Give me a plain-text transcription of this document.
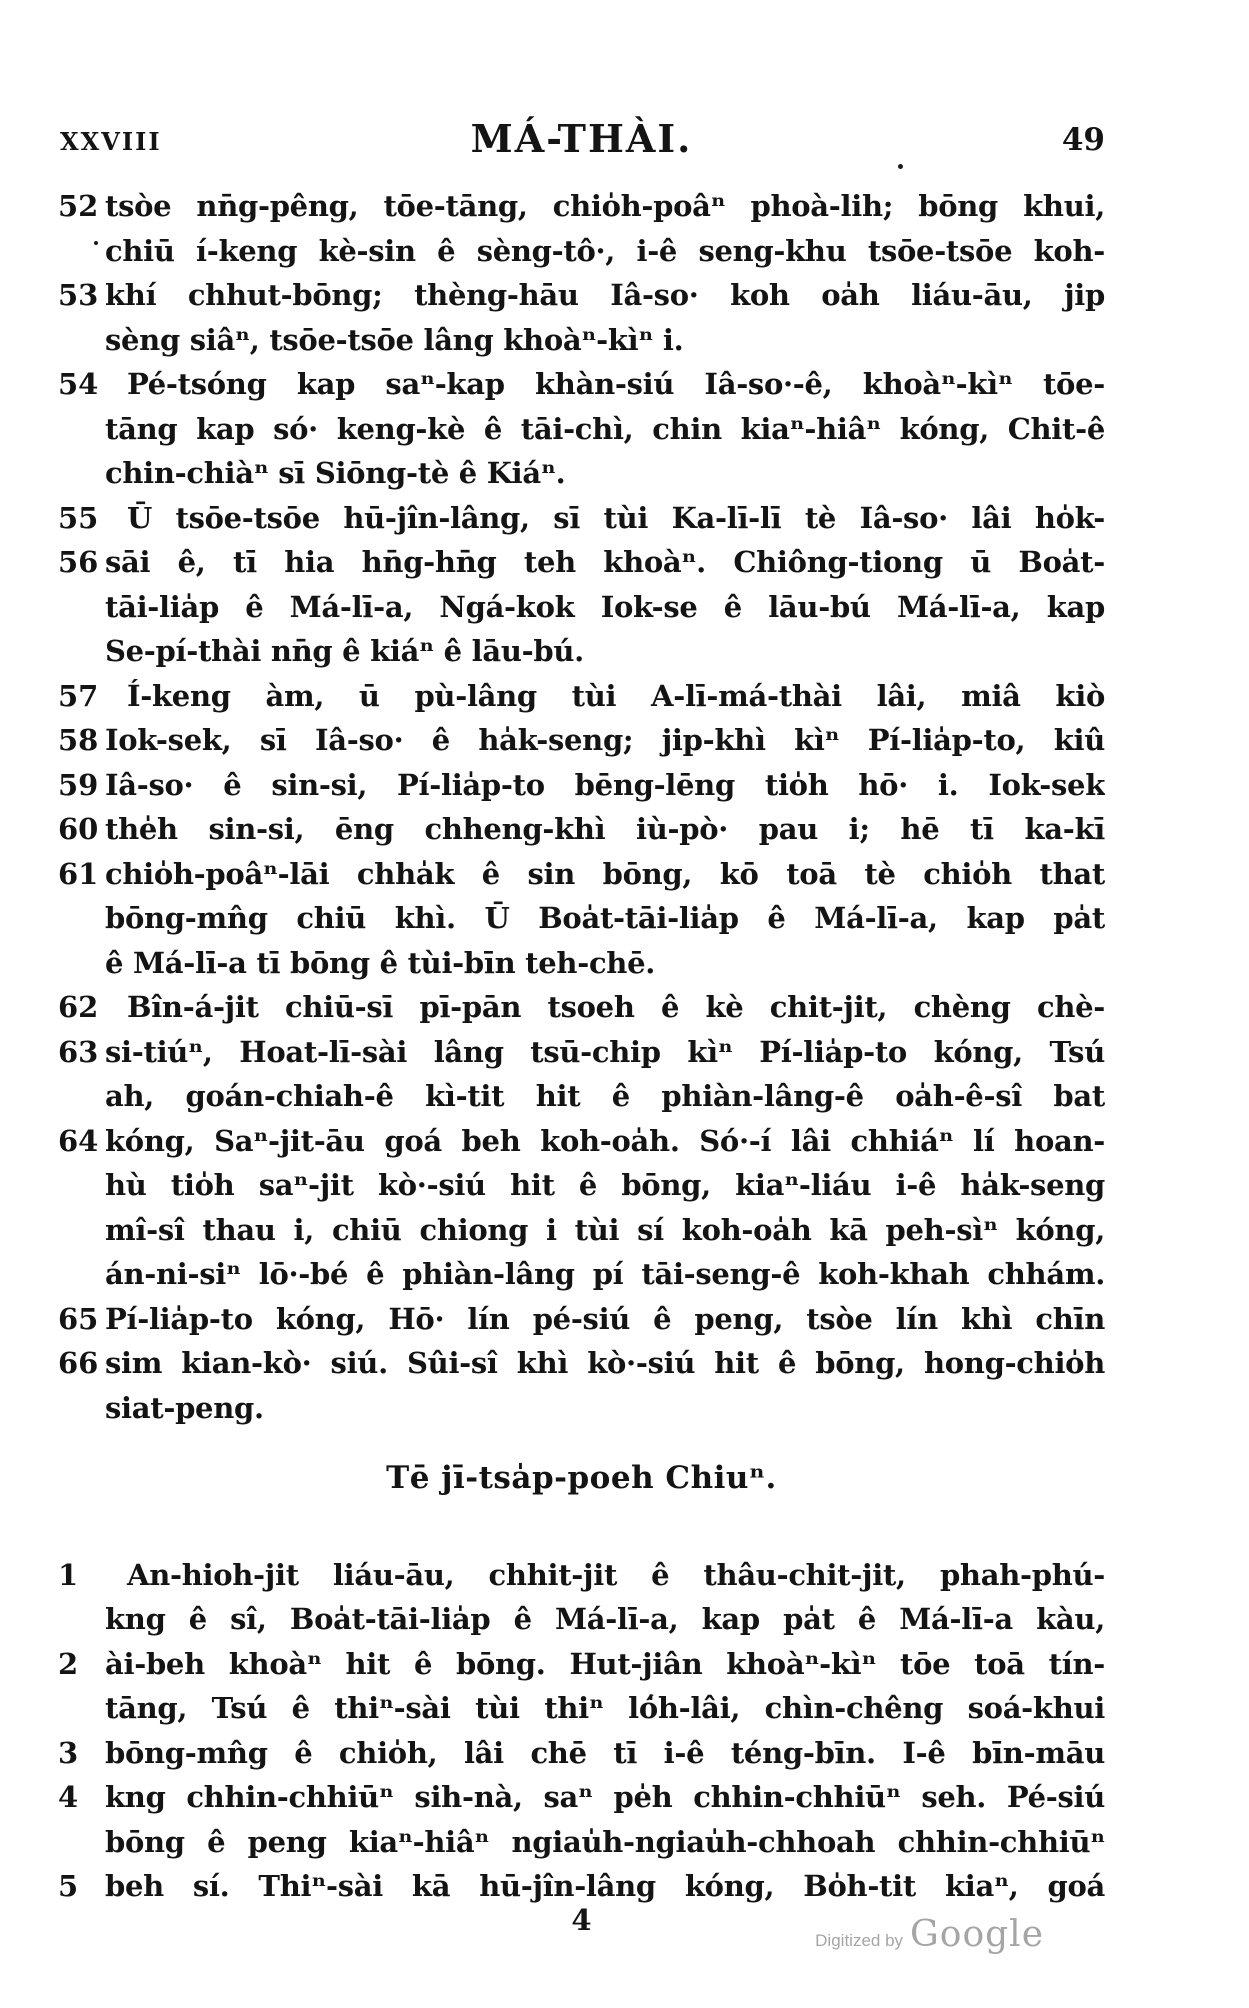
XXVIII	MÁ-THÀI.	49
52 tsòe nn̄g-pêng, tōe-tāng, chio̍h-poâⁿ phoà-lih; bōng khui,
chiū í-keng kè-sin ê sèng-tô·, i-ê seng-khu tsōe-tsōe koh-
53 khí chhut-bōng; thèng-hāu Iâ-so· koh oa̍h liáu-āu, jip
sèng siâⁿ, tsōe-tsōe lâng khoàⁿ-kìⁿ i.
54 Pé-tsóng kap saⁿ-kap khàn-siú Iâ-so·-ê, khoàⁿ-kìⁿ tōe-
tāng kap só· keng-kè ê tāi-chì, chin kiaⁿ-hiâⁿ kóng, Chit-ê
chin-chiàⁿ sī Siōng-tè ê Kiáⁿ.
55 Ū tsōe-tsōe hū-jîn-lâng, sī tùi Ka-lī-lī tè Iâ-so· lâi ho̍k-
56 sāi ê, tī hia hn̄g-hn̄g teh khoàⁿ. Chiông-tiong ū Boa̍t-
tāi-lia̍p ê Má-lī-a, Ngá-kok Iok-se ê lāu-bú Má-lī-a, kap
Se-pí-thài nn̄g ê kiáⁿ ê lāu-bú.
57 Í-keng àm, ū pù-lâng tùi A-lī-má-thài lâi, miâ kiò
58 Iok-sek, sī Iâ-so· ê ha̍k-seng; jip-khì kìⁿ Pí-lia̍p-to, kiû
59 Iâ-so· ê sin-si, Pí-lia̍p-to bēng-lēng tio̍h hō· i. Iok-sek
60 the̍h sin-si, ēng chheng-khì iù-pò· pau i; hē tī ka-kī
61 chio̍h-poâⁿ-lāi chha̍k ê sin bōng, kō toā tè chio̍h that
bōng-mn̂g chiū khì. Ū Boa̍t-tāi-lia̍p ê Má-lī-a, kap pa̍t
ê Má-lī-a tī bōng ê tùi-bīn teh-chē.
62 Bîn-á-jit chiū-sī pī-pān tsoeh ê kè chit-jit, chèng chè-
63 si-tiúⁿ, Hoat-lī-sài lâng tsū-chip kìⁿ Pí-lia̍p-to kóng, Tsú
ah, goán-chiah-ê kì-tit hit ê phiàn-lâng-ê oa̍h-ê-sî bat
64 kóng, Saⁿ-jit-āu goá beh koh-oa̍h. Só·-í lâi chhiáⁿ lí hoan-
hù tio̍h saⁿ-jit kò·-siú hit ê bōng, kiaⁿ-liáu i-ê ha̍k-seng
mî-sî thau i, chiū chiong i tùi sí koh-oa̍h kā peh-sìⁿ kóng,
án-ni-siⁿ lō·-bé ê phiàn-lâng pí tāi-seng-ê koh-khah chhám.
65 Pí-lia̍p-to kóng, Hō· lín pé-siú ê peng, tsòe lín khì chīn
66 sim kian-kò· siú. Sûi-sî khì kò·-siú hit ê bōng, hong-chio̍h
siat-peng.
Tē jī-tsa̍p-poeh Chiuⁿ.
1	An-hioh-jit liáu-āu, chhit-jit ê thâu-chit-jit, phah-phú-
kng ê sî, Boa̍t-tāi-lia̍p ê Má-lī-a, kap pa̍t ê Má-lī-a kàu,
2 ài-beh khoàⁿ hit ê bōng. Hut-jiân khoàⁿ-kìⁿ tōe toā tín-
tāng, Tsú ê thiⁿ-sài tùi thiⁿ ló̍h-lâi, chìn-chêng soá-khui
3 bōng-mn̂g ê chio̍h, lâi chē tī i-ê téng-bīn. I-ê bīn-māu
4 kng chhin-chhiūⁿ sih-nà, saⁿ pe̍h chhin-chhiūⁿ seh. Pé-siú
bōng ê peng kiaⁿ-hiâⁿ ngiau̍h-ngiau̍h-chhoah chhin-chhiūⁿ
5 beh sí. Thiⁿ-sài kā hū-jîn-lâng kóng, Bo̍h-tit kiaⁿ, goá
4
Digitized by Google
